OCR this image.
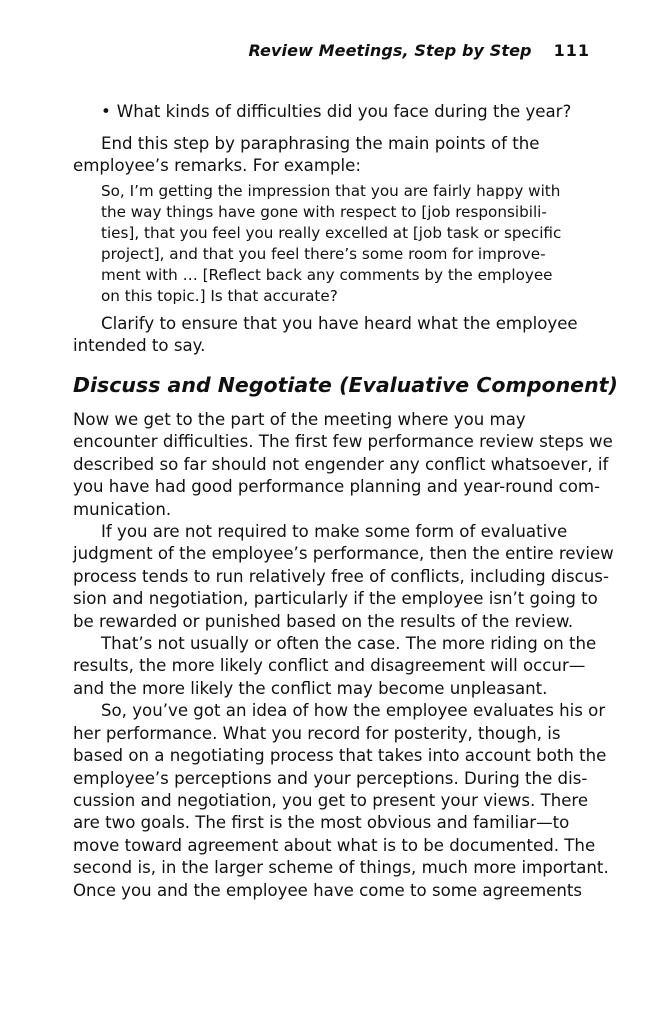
Review Meetings, Step by Step 111
• What kinds of difficulties did you face during the year?
End this step by paraphrasing the main points of the
employee’s remarks. For example:
So, I’m getting the impression that you are fairly happy with
the way things have gone with respect to [job responsibili-
ties], that you feel you really excelled at [job task or specific
project], and that you feel there’s some room for improve-
ment with … [Reflect back any comments by the employee
on this topic.] Is that accurate?
Clarify to ensure that you have heard what the employee
intended to say.
Discuss and Negotiate (Evaluative Component)
Now we get to the part of the meeting where you may
encounter difficulties. The first few performance review steps we
described so far should not engender any conflict whatsoever, if
you have had good performance planning and year-round com-
munication.
If you are not required to make some form of evaluative
judgment of the employee’s performance, then the entire review
process tends to run relatively free of conflicts, including discus-
sion and negotiation, particularly if the employee isn’t going to
be rewarded or punished based on the results of the review.
That’s not usually or often the case. The more riding on the
results, the more likely conflict and disagreement will occur—
and the more likely the conflict may become unpleasant.
So, you’ve got an idea of how the employee evaluates his or
her performance. What you record for posterity, though, is
based on a negotiating process that takes into account both the
employee’s perceptions and your perceptions. During the dis-
cussion and negotiation, you get to present your views. There
are two goals. The first is the most obvious and familiar—to
move toward agreement about what is to be documented. The
second is, in the larger scheme of things, much more important.
Once you and the employee have come to some agreements
